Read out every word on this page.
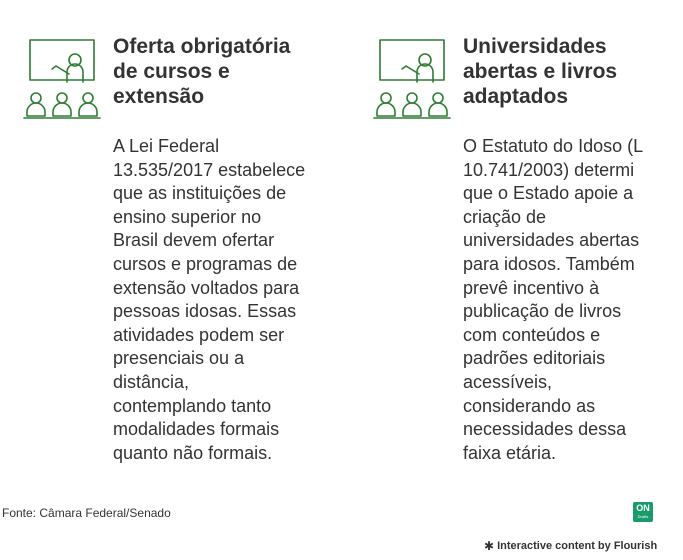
Oferta obrigatória
de cursos e
extensão

A Lei Federal
13.535/2017 estabelece
que as instituições de
ensino superior no
Brasil devem ofertar
cursos e programas de
extensão voltados para
pessoas idosas. Essas
atividades podem ser
presenciais ou a
distância,
contemplando tanto
modalidades formais
quanto não formais.

Universidades
abertas e livros
adaptados

O Estatuto do Idoso (L
10.741/2003) determi
que o Estado apoie a
criação de
universidades abertas
para idosos. Também
prevê incentivo à
publicação de livros
com conteúdos e
padrões editoriais
acessíveis,
considerando as
necessidades dessa
faixa etária.

Fonte: Câmara Federal/Senado	ON
Drafts
✱ Interactive content by Flourish
